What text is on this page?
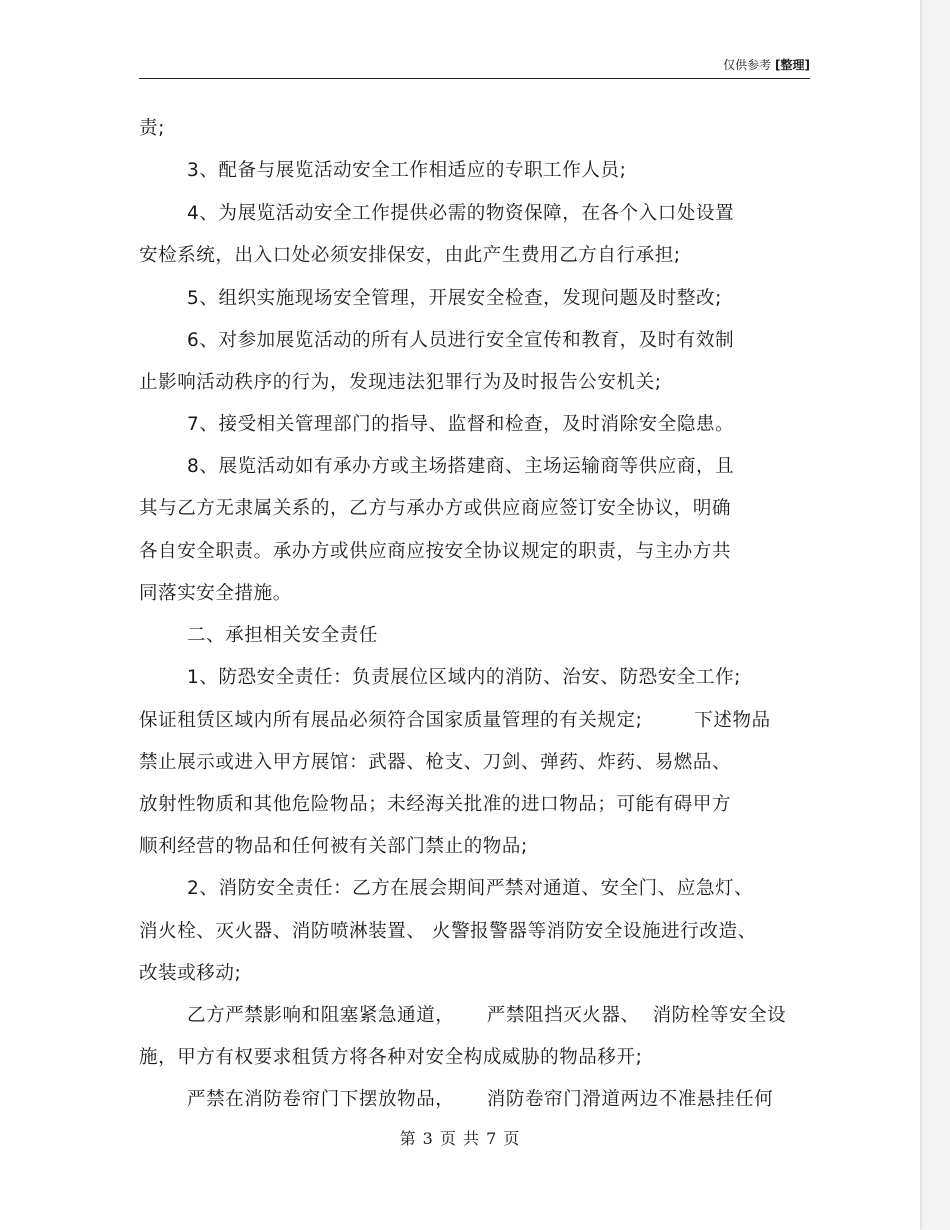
仅供参考 [整理]
责;
3、配备与展览活动安全工作相适应的专职工作人员;
4、为展览活动安全工作提供必需的物资保障，在各个入口处设置
安检系统，出入口处必须安排保安，由此产生费用乙方自行承担;
5、组织实施现场安全管理，开展安全检查，发现问题及时整改;
6、对参加展览活动的所有人员进行安全宣传和教育，及时有效制
止影响活动秩序的行为，发现违法犯罪行为及时报告公安机关;
7、接受相关管理部门的指导、监督和检查，及时消除安全隐患。
8、展览活动如有承办方或主场搭建商、主场运输商等供应商，且
其与乙方无隶属关系的，乙方与承办方或供应商应签订安全协议，明确
各自安全职责。承办方或供应商应按安全协议规定的职责，与主办方共
同落实安全措施。
二、承担相关安全责任
1、防恐安全责任：负责展位区域内的消防、治安、防恐安全工作;
保证租赁区域内所有展品必须符合国家质量管理的有关规定;        下述物品
禁止展示或进入甲方展馆：武器、枪支、刀剑、弹药、炸药、易燃品、
放射性物质和其他危险物品；未经海关批准的进口物品；可能有碍甲方
顺利经营的物品和任何被有关部门禁止的物品;
2、消防安全责任：乙方在展会期间严禁对通道、安全门、应急灯、
消火栓、灭火器、消防喷淋装置、 火警报警器等消防安全设施进行改造、
改装或移动;
乙方严禁影响和阻塞紧急通道，     严禁阻挡灭火器、  消防栓等安全设
施，甲方有权要求租赁方将各种对安全构成威胁的物品移开;
严禁在消防卷帘门下摆放物品，     消防卷帘门滑道两边不准悬挂任何
第 3 页 共 7 页
